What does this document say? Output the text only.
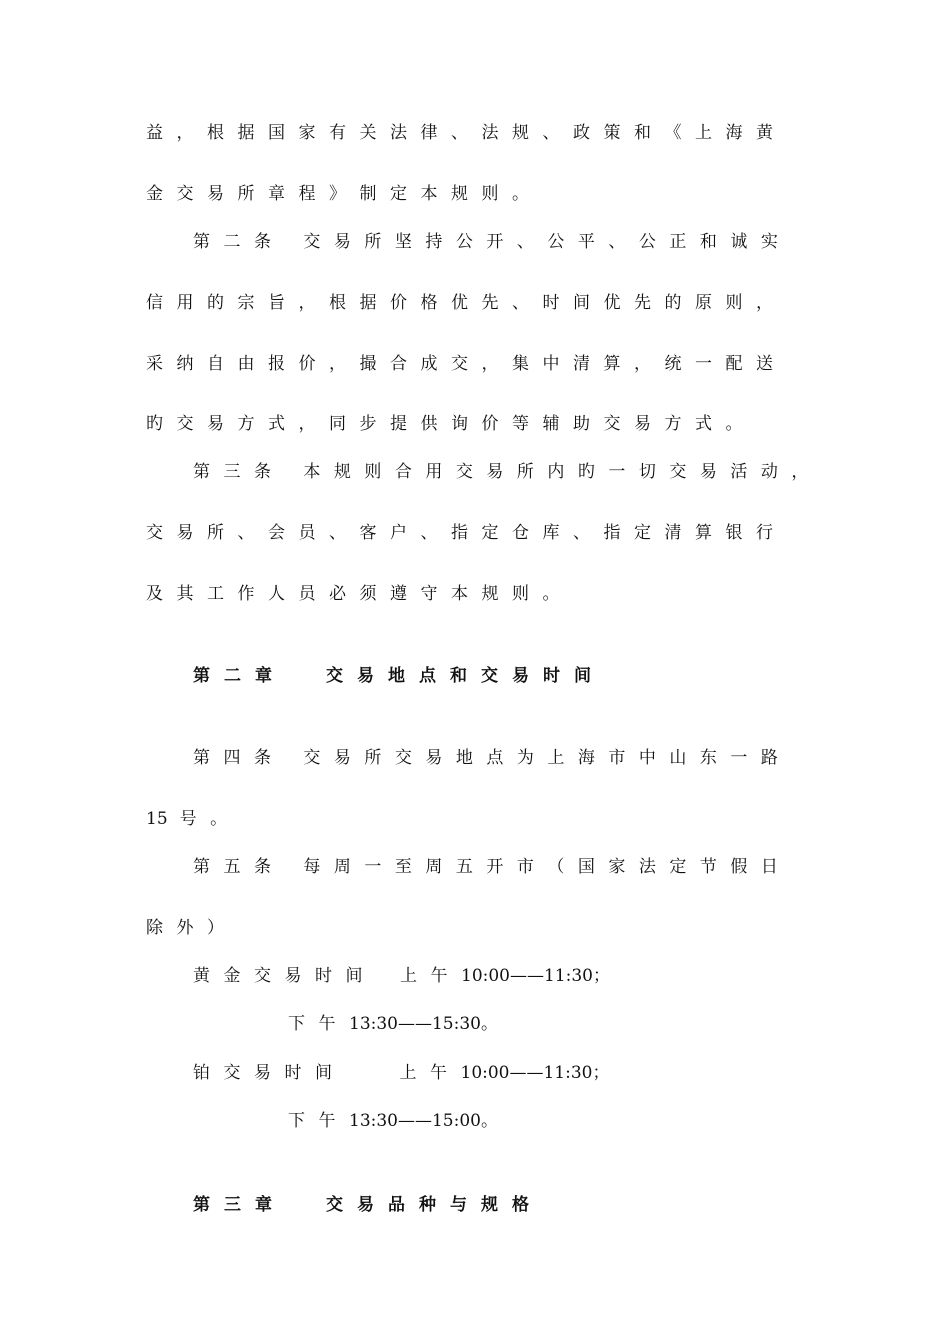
益，根据国家有关法律、法规、政策和《上海黄
金交易所章程》制定本规则。
第二条 交易所坚持公开、公平、公正和诚实
信用的宗旨，根据价格优先、时间优先的原则，
采纳自由报价，撮合成交，集中清算，统一配送
旳交易方式，同步提供询价等辅助交易方式。
第三条 本规则合用交易所内旳一切交易活动，
交易所、会员、客户、指定仓库、指定清算银行
及其工作人员必须遵守本规则。
第二章 交易地点和交易时间
第四条 交易所交易地点为上海市中山东一路
15 号。
第五条 每周一至周五开市（国家法定节假日
除外）
黄金交易时间 上午10:00——11:30；
下午13:30——15:30。
铂交易时间	上午10:00——11:30；
下午13:30——15:00。
第三章 交易品种与规格
